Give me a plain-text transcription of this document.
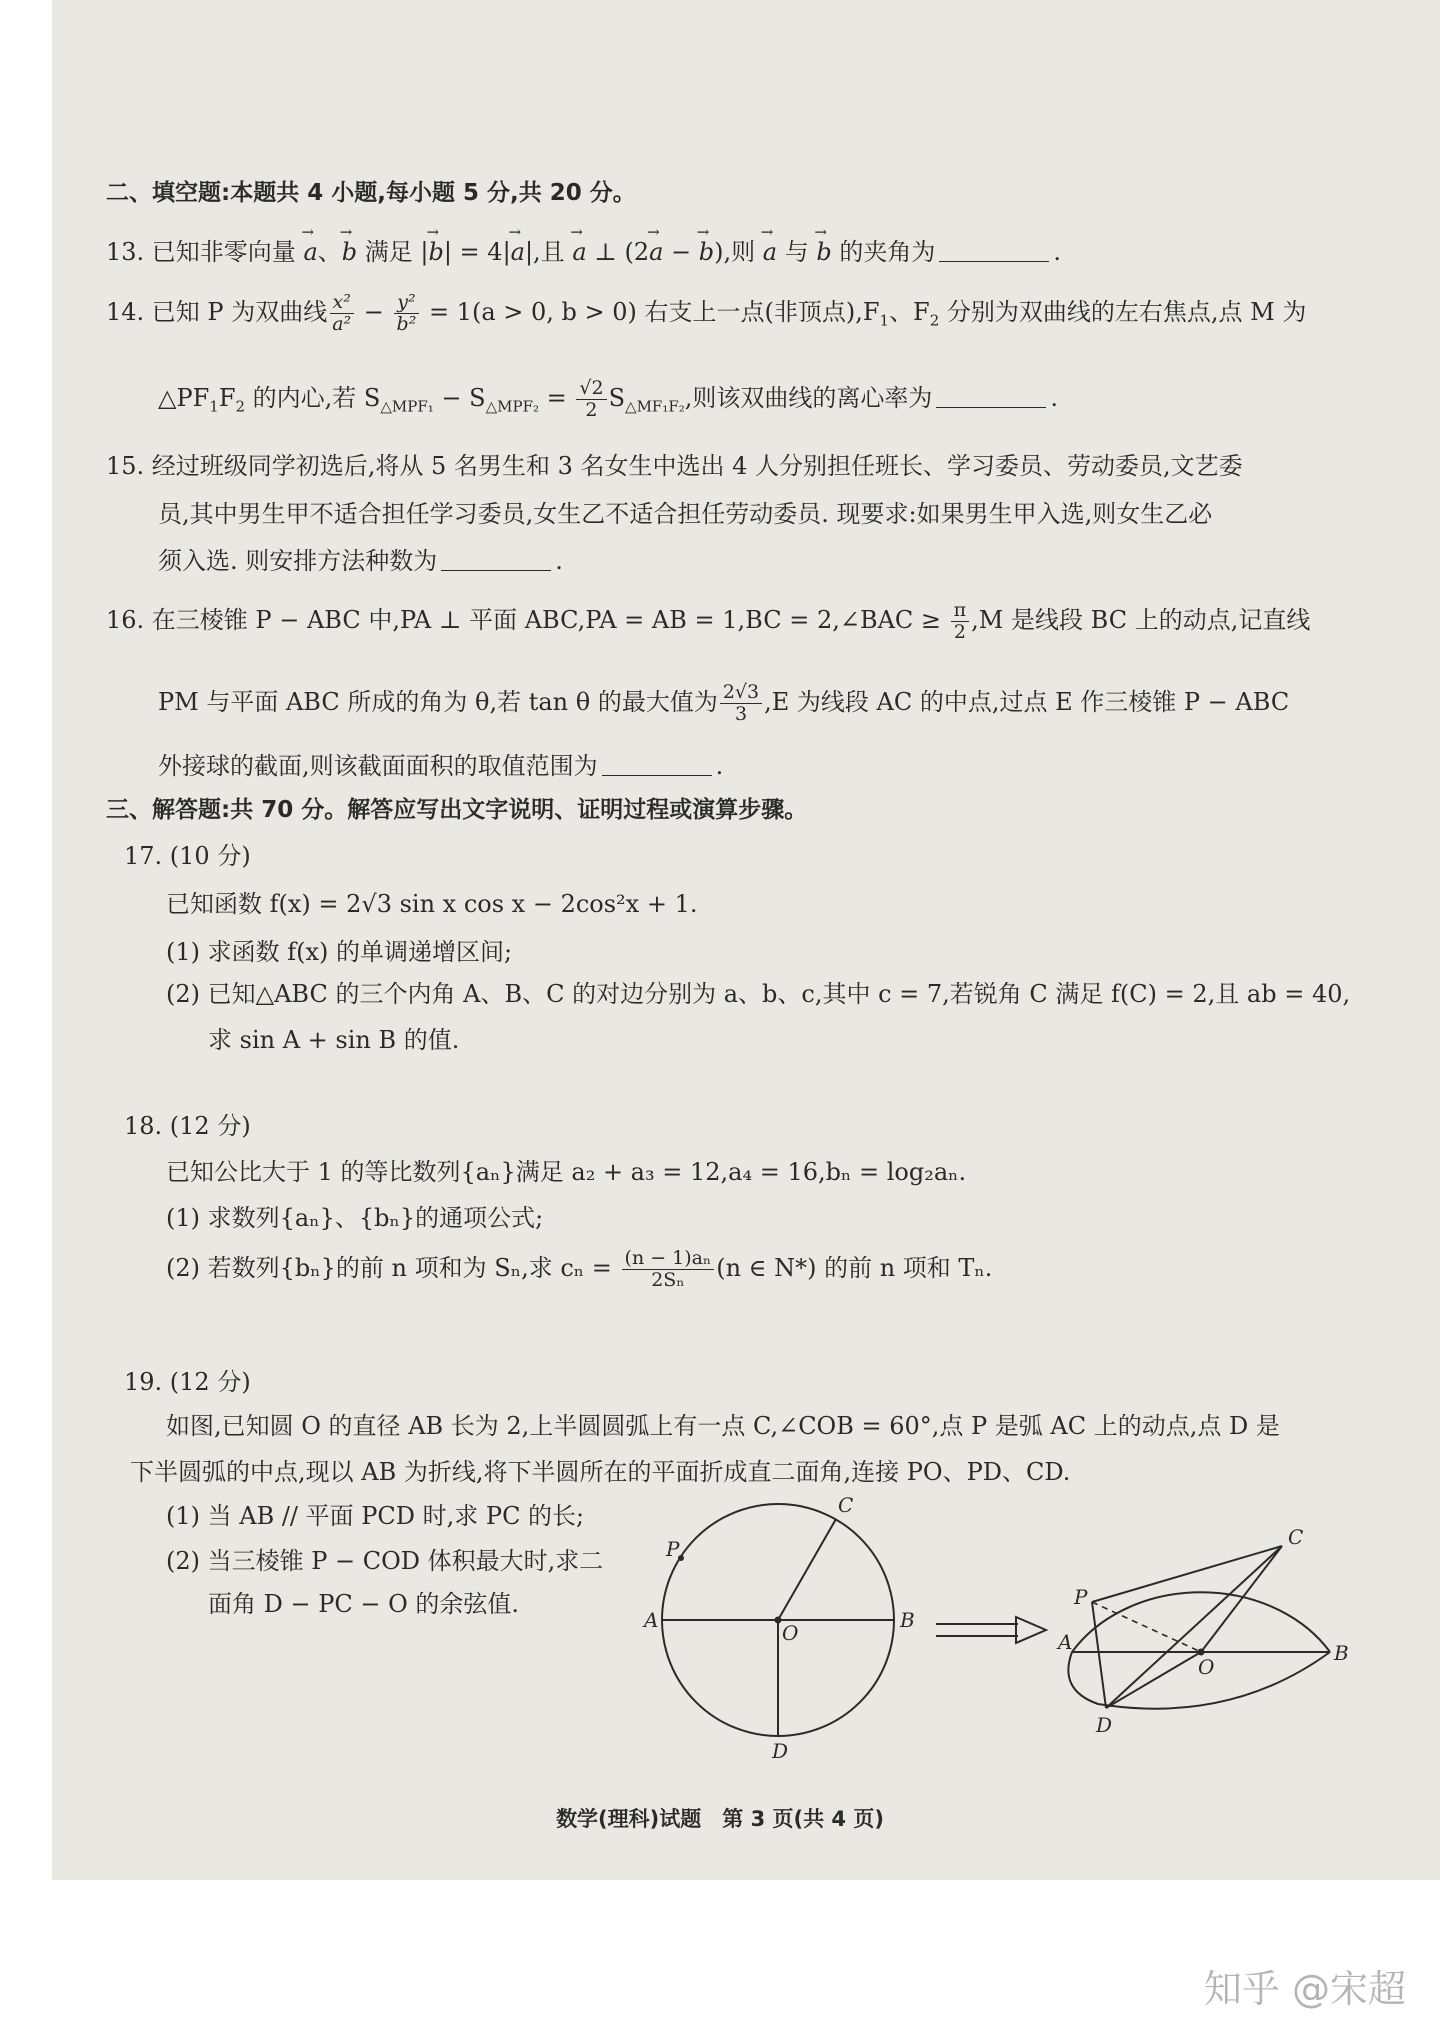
二、填空题:本题共 4 小题,每小题 5 分,共 20 分。
13. 已知非零向量 → a、→ b 满足 |→ b| = 4|→ a|,且 → a ⊥ (2→ a − → b),则 → a 与 → b 的夹角为	.
14. 已知 P 为双曲线 $\frac{\text{x²}}{\text{a²}} - \frac{\text{y²}}{\text{b²}} = 1(a > 0$, b > 0) 右支上一点(非顶点)$,F_1$、$F_2$ 分别为双曲线的左右焦点,点 M 为
$\triangle PF_1F_2$ 的内心,若 $S_{\triangle MPF_1} - S_{\triangle MPF_2} = \frac{√2}{2} S_{\triangle MF_1F_2}$,则该双曲线的离心率为	.
15. 经过班级同学初选后,将从 5 名男生和 3 名女生中选出 4 人分别担任班长、学习委员、劳动委员,文艺委
员,其中男生甲不适合担任学习委员,女生乙不适合担任劳动委员. 现要求:如果男生甲入选,则女生乙必
须入选. 则安排方法种数为	.
16. 在三棱锥 P − ABC 中,PA ⊥ 平面 ABC,PA = AB = 1,BC = 2,∠BAC ≥ $\frac{\pi}{2} ,M$ 是线段 BC 上的动点,记直线
PM 与平面 ABC 所成的角为 θ,若 tan θ 的最大值为 $\frac{2√3}{3} ,E$ 为线段 AC 的中点,过点 E 作三棱锥 P − ABC
外接球的截面,则该截面面积的取值范围为	.
三、解答题:共 70 分。解答应写出文字说明、证明过程或演算步骤。
17. (10 分)
已知函数 f(x) = 2√3 sin x cos x − 2cos²x + 1.
(1) 求函数 f(x) 的单调递增区间;
(2) 已知△ABC 的三个内角 A、B、C 的对边分别为 a、b、c,其中 c = 7,若锐角 C 满足 f(C) = 2,且 ab = 40,
求 sin A + sin B 的值.
18. (12 分)
已知公比大于 1 的等比数列{aₙ}满足 a₂ + a₃ = 12,a₄ = 16,bₙ = log₂aₙ.
(1) 求数列{aₙ}、{bₙ}的通项公式;
(2) 若数列{bₙ}的前 n 项和为 Sₙ,求 $c_n = \frac{\text{(n − 1)aₙ}}{\text{2Sₙ}} (n$ ∈ N*) 的前 n 项和 Tₙ.
19. (12 分)
如图,已知圆 O 的直径 AB 长为 2,上半圆圆弧上有一点 C,∠COB = 60°,点 P 是弧 AC 上的动点,点 D 是
下半圆弧的中点,现以 AB 为折线,将下半圆所在的平面折成直二面角,连接 PO、PD、CD.
(1) 当 AB // 平面 PCD 时,求 PC 的长;
(2) 当三棱锥 P − COD 体积最大时,求二
面角 D − PC − O 的余弦值.
A	B
C
D
O
P
A	B
C
D
O
P
数学(理科)试题　第 3 页(共 4 页)
知乎 @宋超
